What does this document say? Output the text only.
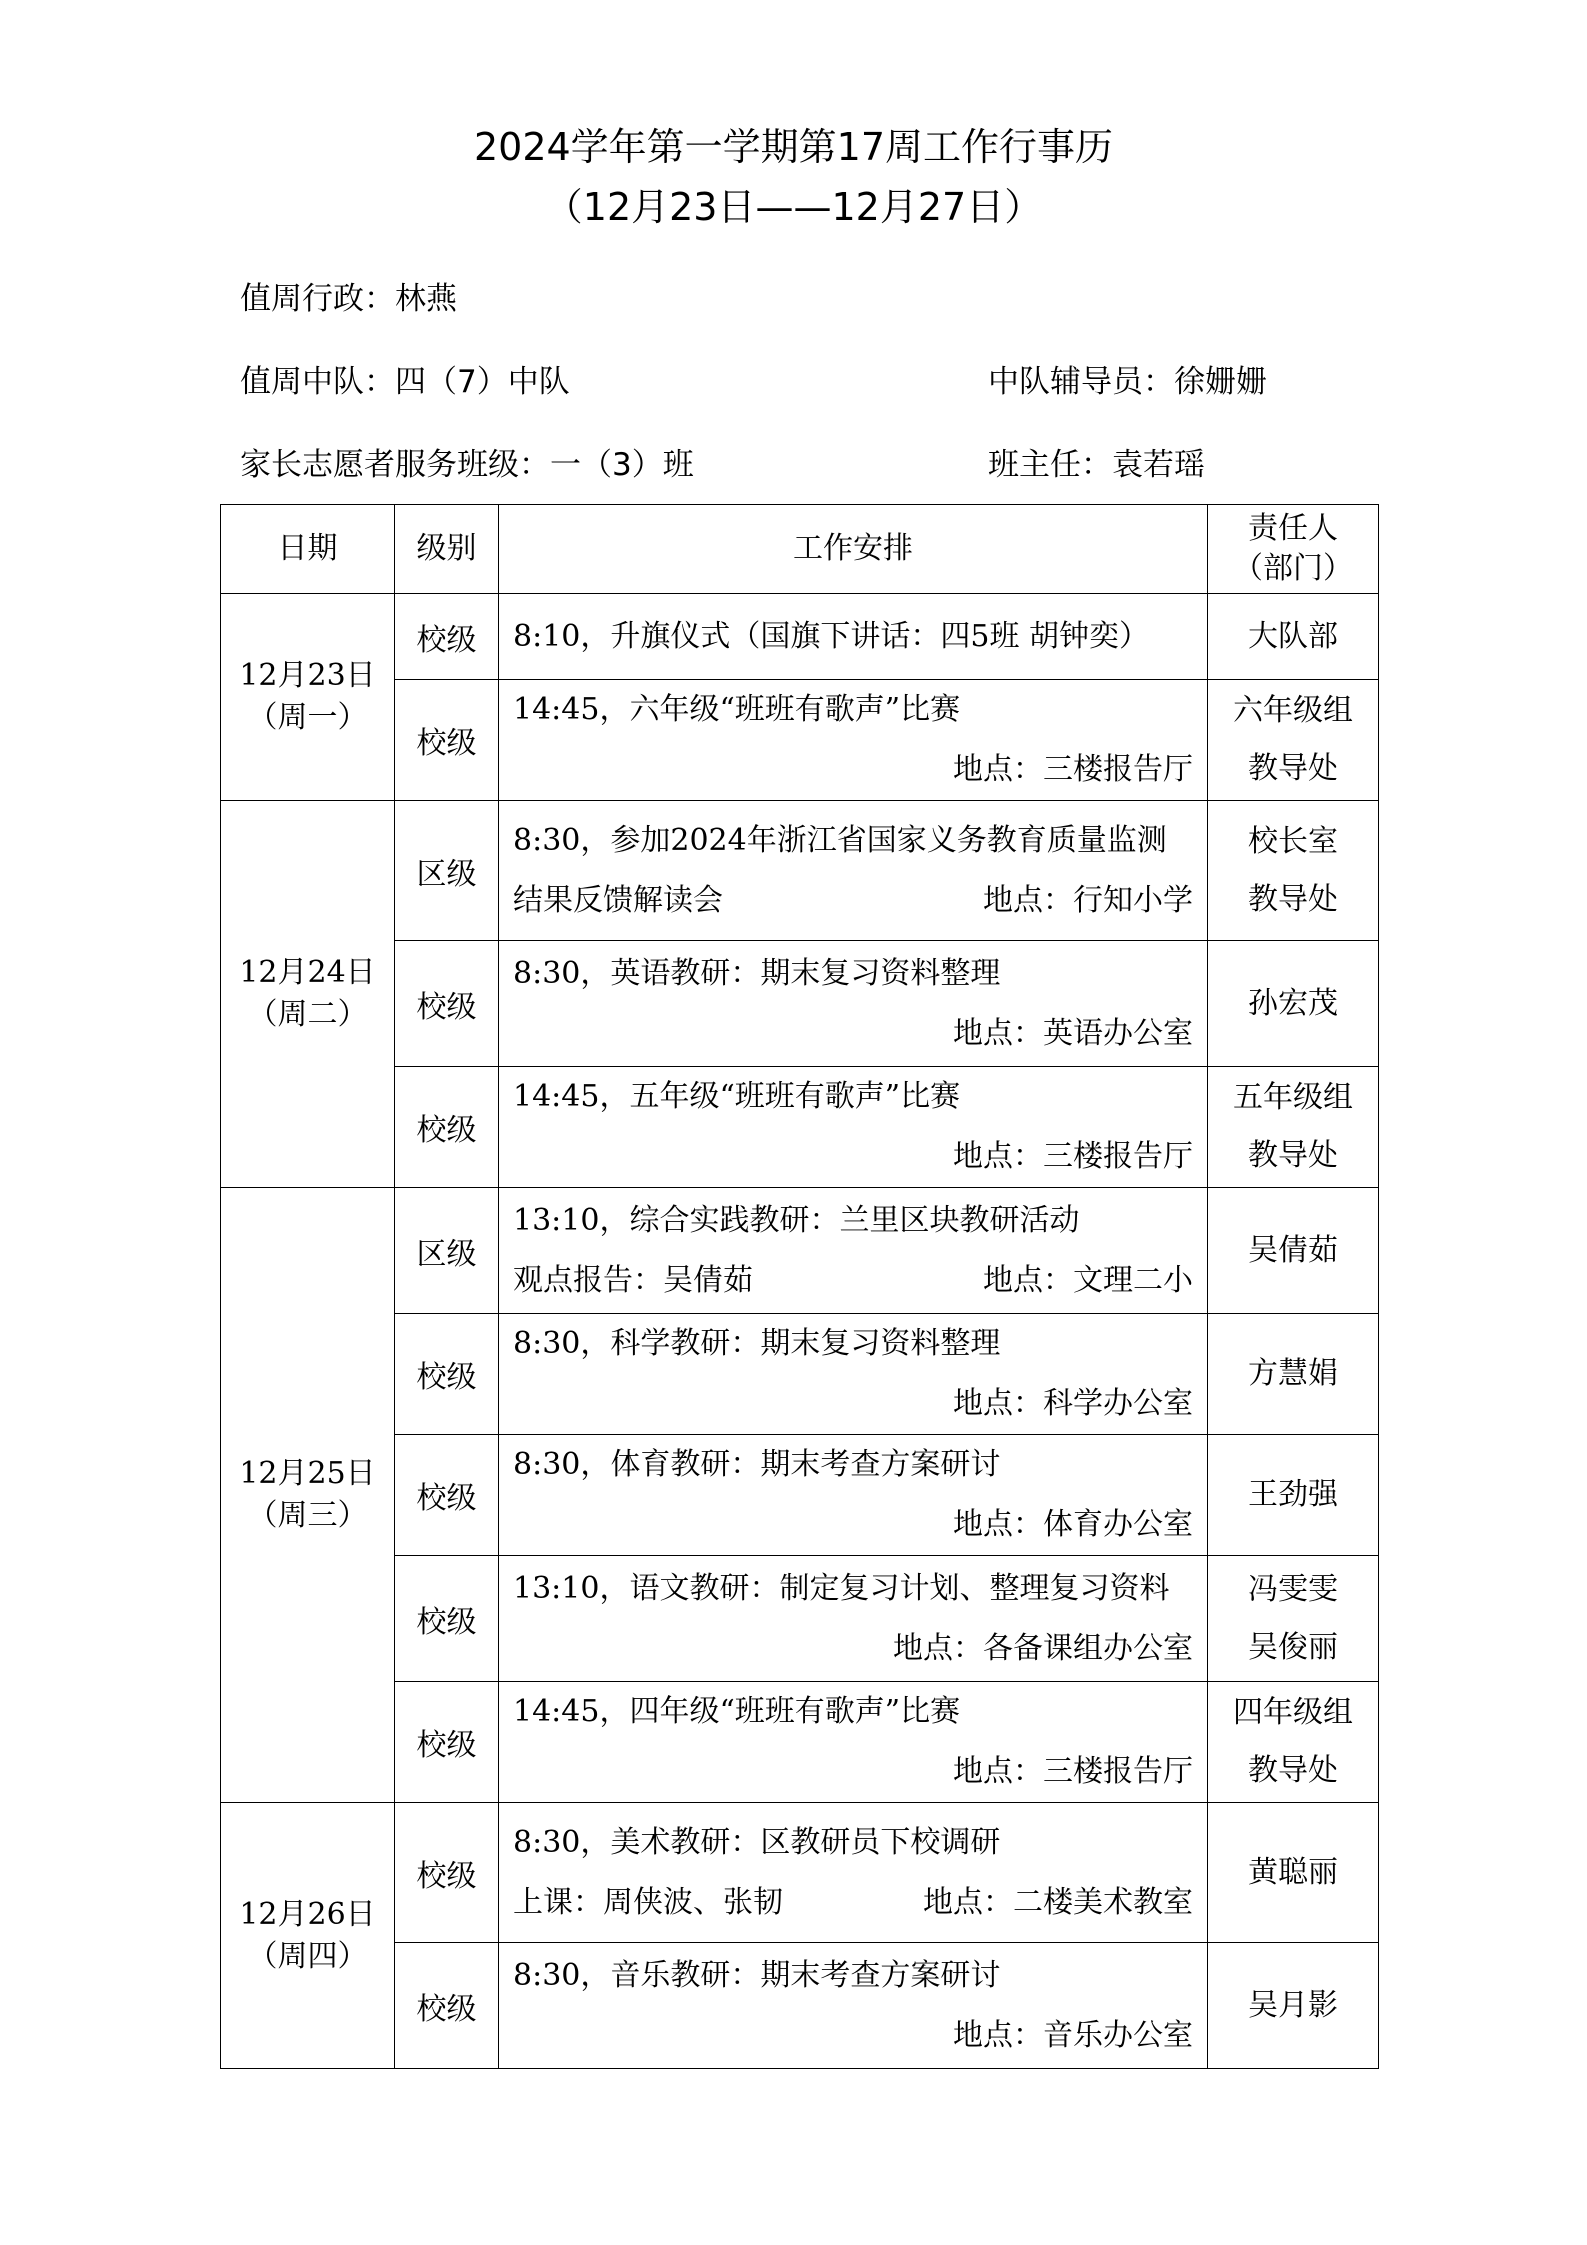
2024学年第一学期第17周工作行事历
（12月23日——12月27日）
值周行政：林燕
值周中队：四（7）中队	中队辅导员：徐姗姗
家长志愿者服务班级：一（3）班	班主任：袁若瑶
日期	级别	工作安排	责任人
（部门）

12月23日
（周一）	校级	8:10，升旗仪式（国旗下讲话：四5班 胡钟奕）	大队部

	校级	14:45，六年级“班班有歌声”比赛
地点：三楼报告厅	六年级组
教导处

12月24日
（周二）	区级	8:30，参加2024年浙江省国家义务教育质量监测
结果反馈解读会 地点：行知小学	校长室
教导处

	校级	8:30，英语教研：期末复习资料整理
地点：英语办公室	孙宏茂

	校级	14:45，五年级“班班有歌声”比赛
地点：三楼报告厅	五年级组
教导处

12月25日
（周三）	区级	13:10，综合实践教研：兰里区块教研活动
观点报告：吴倩茹 地点：文理二小	吴倩茹

	校级	8:30，科学教研：期末复习资料整理
地点：科学办公室	方慧娟

	校级	8:30，体育教研：期末考查方案研讨
地点：体育办公室	王劲强

	校级	13:10，语文教研：制定复习计划、整理复习资料
地点：各备课组办公室	冯雯雯
吴俊丽

	校级	14:45，四年级“班班有歌声”比赛
地点：三楼报告厅	四年级组
教导处

12月26日
（周四）	校级	8:30，美术教研：区教研员下校调研
上课：周侠波、张韧 地点：二楼美术教室	黄聪丽

	校级	8:30，音乐教研：期末考查方案研讨
地点：音乐办公室	吴月影
